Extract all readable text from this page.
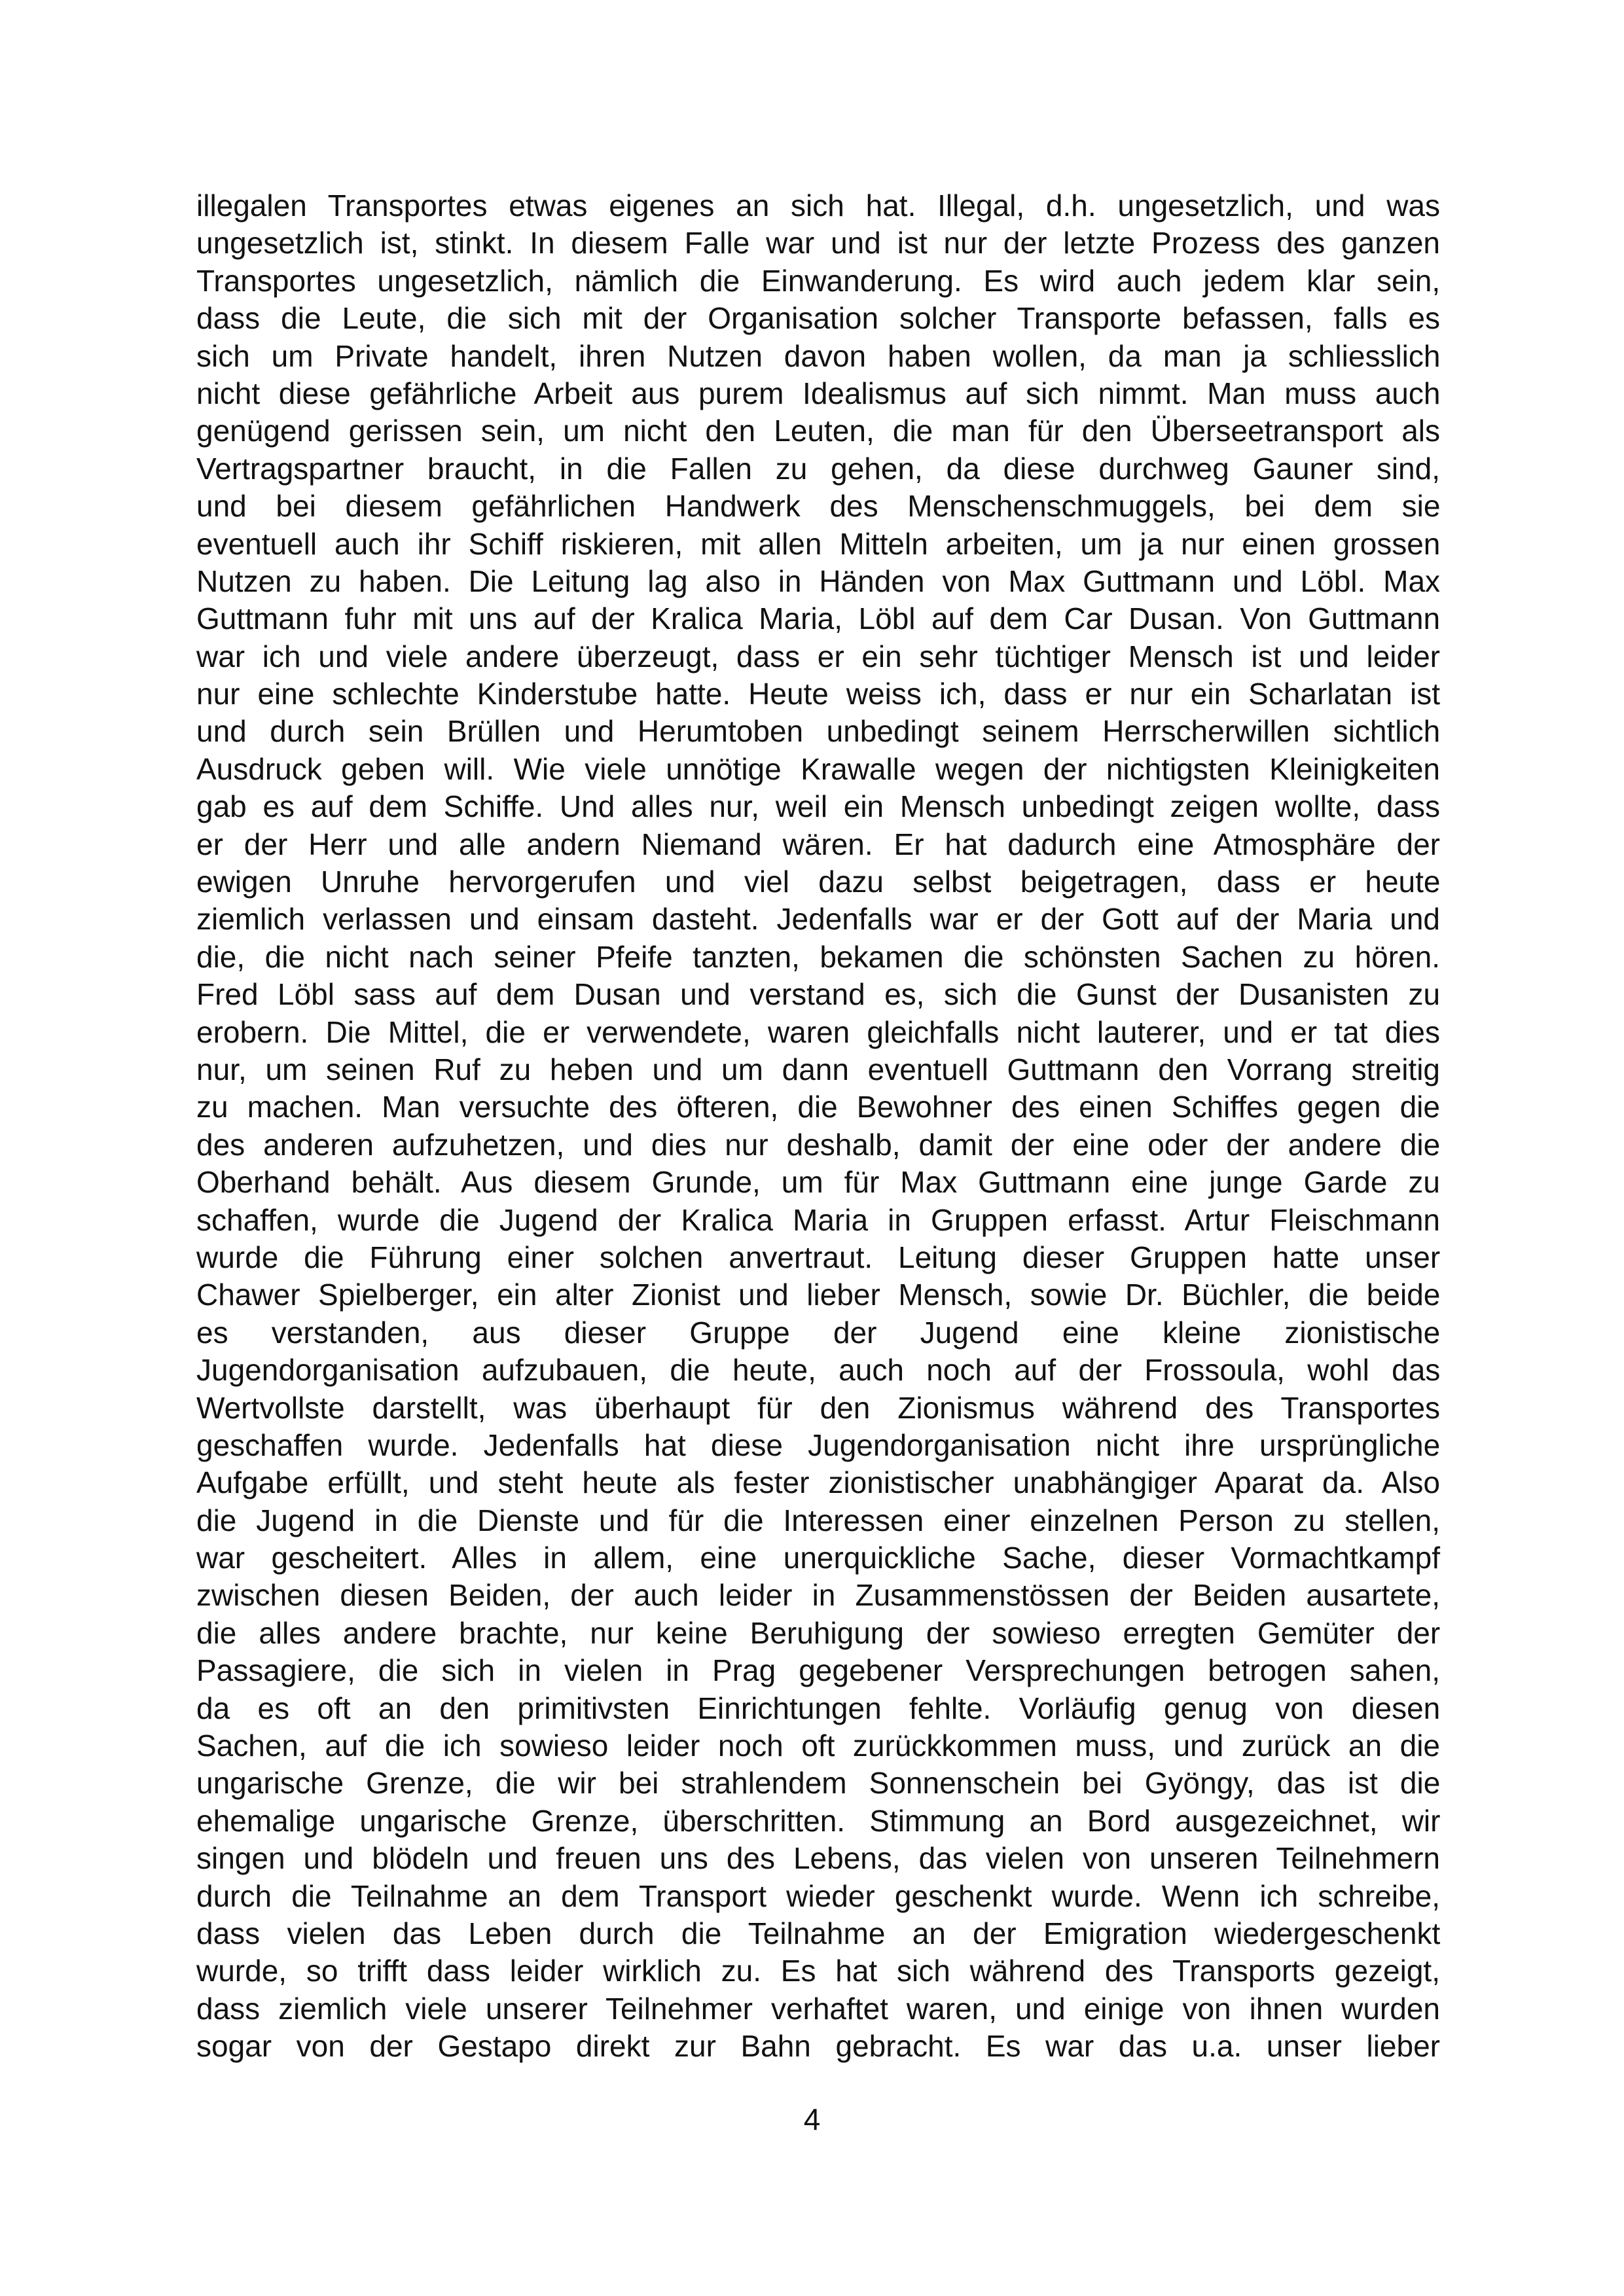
illegalen Transportes etwas eigenes an sich hat. Illegal, d.h. ungesetzlich, und was
ungesetzlich ist, stinkt. In diesem Falle war und ist nur der letzte Prozess des ganzen
Transportes ungesetzlich, nämlich die Einwanderung. Es wird auch jedem klar sein,
dass die Leute, die sich mit der Organisation solcher Transporte befassen, falls es
sich um Private handelt, ihren Nutzen davon haben wollen, da man ja schliesslich
nicht diese gefährliche Arbeit aus purem Idealismus auf sich nimmt. Man muss auch
genügend gerissen sein, um nicht den Leuten, die man für den Überseetransport als
Vertragspartner braucht, in die Fallen zu gehen, da diese durchweg Gauner sind,
und bei diesem gefährlichen Handwerk des Menschenschmuggels, bei dem sie
eventuell auch ihr Schiff riskieren, mit allen Mitteln arbeiten, um ja nur einen grossen
Nutzen zu haben. Die Leitung lag also in Händen von Max Guttmann und Löbl. Max
Guttmann fuhr mit uns auf der Kralica Maria, Löbl auf dem Car Dusan. Von Guttmann
war ich und viele andere überzeugt, dass er ein sehr tüchtiger Mensch ist und leider
nur eine schlechte Kinderstube hatte. Heute weiss ich, dass er nur ein Scharlatan ist
und durch sein Brüllen und Herumtoben unbedingt seinem Herrscherwillen sichtlich
Ausdruck geben will. Wie viele unnötige Krawalle wegen der nichtigsten Kleinigkeiten
gab es auf dem Schiffe. Und alles nur, weil ein Mensch unbedingt zeigen wollte, dass
er der Herr und alle andern Niemand wären. Er hat dadurch eine Atmosphäre der
ewigen Unruhe hervorgerufen und viel dazu selbst beigetragen, dass er heute
ziemlich verlassen und einsam dasteht. Jedenfalls war er der Gott auf der Maria und
die, die nicht nach seiner Pfeife tanzten, bekamen die schönsten Sachen zu hören.
Fred Löbl sass auf dem Dusan und verstand es, sich die Gunst der Dusanisten zu
erobern. Die Mittel, die er verwendete, waren gleichfalls nicht lauterer, und er tat dies
nur, um seinen Ruf zu heben und um dann eventuell Guttmann den Vorrang streitig
zu machen. Man versuchte des öfteren, die Bewohner des einen Schiffes gegen die
des anderen aufzuhetzen, und dies nur deshalb, damit der eine oder der andere die
Oberhand behält. Aus diesem Grunde, um für Max Guttmann eine junge Garde zu
schaffen, wurde die Jugend der Kralica Maria in Gruppen erfasst. Artur Fleischmann
wurde die Führung einer solchen anvertraut. Leitung dieser Gruppen hatte unser
Chawer Spielberger, ein alter Zionist und lieber Mensch, sowie Dr. Büchler, die beide
es verstanden, aus dieser Gruppe der Jugend eine kleine zionistische
Jugendorganisation aufzubauen, die heute, auch noch auf der Frossoula, wohl das
Wertvollste darstellt, was überhaupt für den Zionismus während des Transportes
geschaffen wurde. Jedenfalls hat diese Jugendorganisation nicht ihre ursprüngliche
Aufgabe erfüllt, und steht heute als fester zionistischer unabhängiger Aparat da. Also
die Jugend in die Dienste und für die Interessen einer einzelnen Person zu stellen,
war gescheitert. Alles in allem, eine unerquickliche Sache, dieser Vormachtkampf
zwischen diesen Beiden, der auch leider in Zusammenstössen der Beiden ausartete,
die alles andere brachte, nur keine Beruhigung der sowieso erregten Gemüter der
Passagiere, die sich in vielen in Prag gegebener Versprechungen betrogen sahen,
da es oft an den primitivsten Einrichtungen fehlte. Vorläufig genug von diesen
Sachen, auf die ich sowieso leider noch oft zurückkommen muss, und zurück an die
ungarische Grenze, die wir bei strahlendem Sonnenschein bei Gyöngy, das ist die
ehemalige ungarische Grenze, überschritten. Stimmung an Bord ausgezeichnet, wir
singen und blödeln und freuen uns des Lebens, das vielen von unseren Teilnehmern
durch die Teilnahme an dem Transport wieder geschenkt wurde. Wenn ich schreibe,
dass vielen das Leben durch die Teilnahme an der Emigration wiedergeschenkt
wurde, so trifft dass leider wirklich zu. Es hat sich während des Transports gezeigt,
dass ziemlich viele unserer Teilnehmer verhaftet waren, und einige von ihnen wurden
sogar von der Gestapo direkt zur Bahn gebracht. Es war das u.a. unser lieber
4
